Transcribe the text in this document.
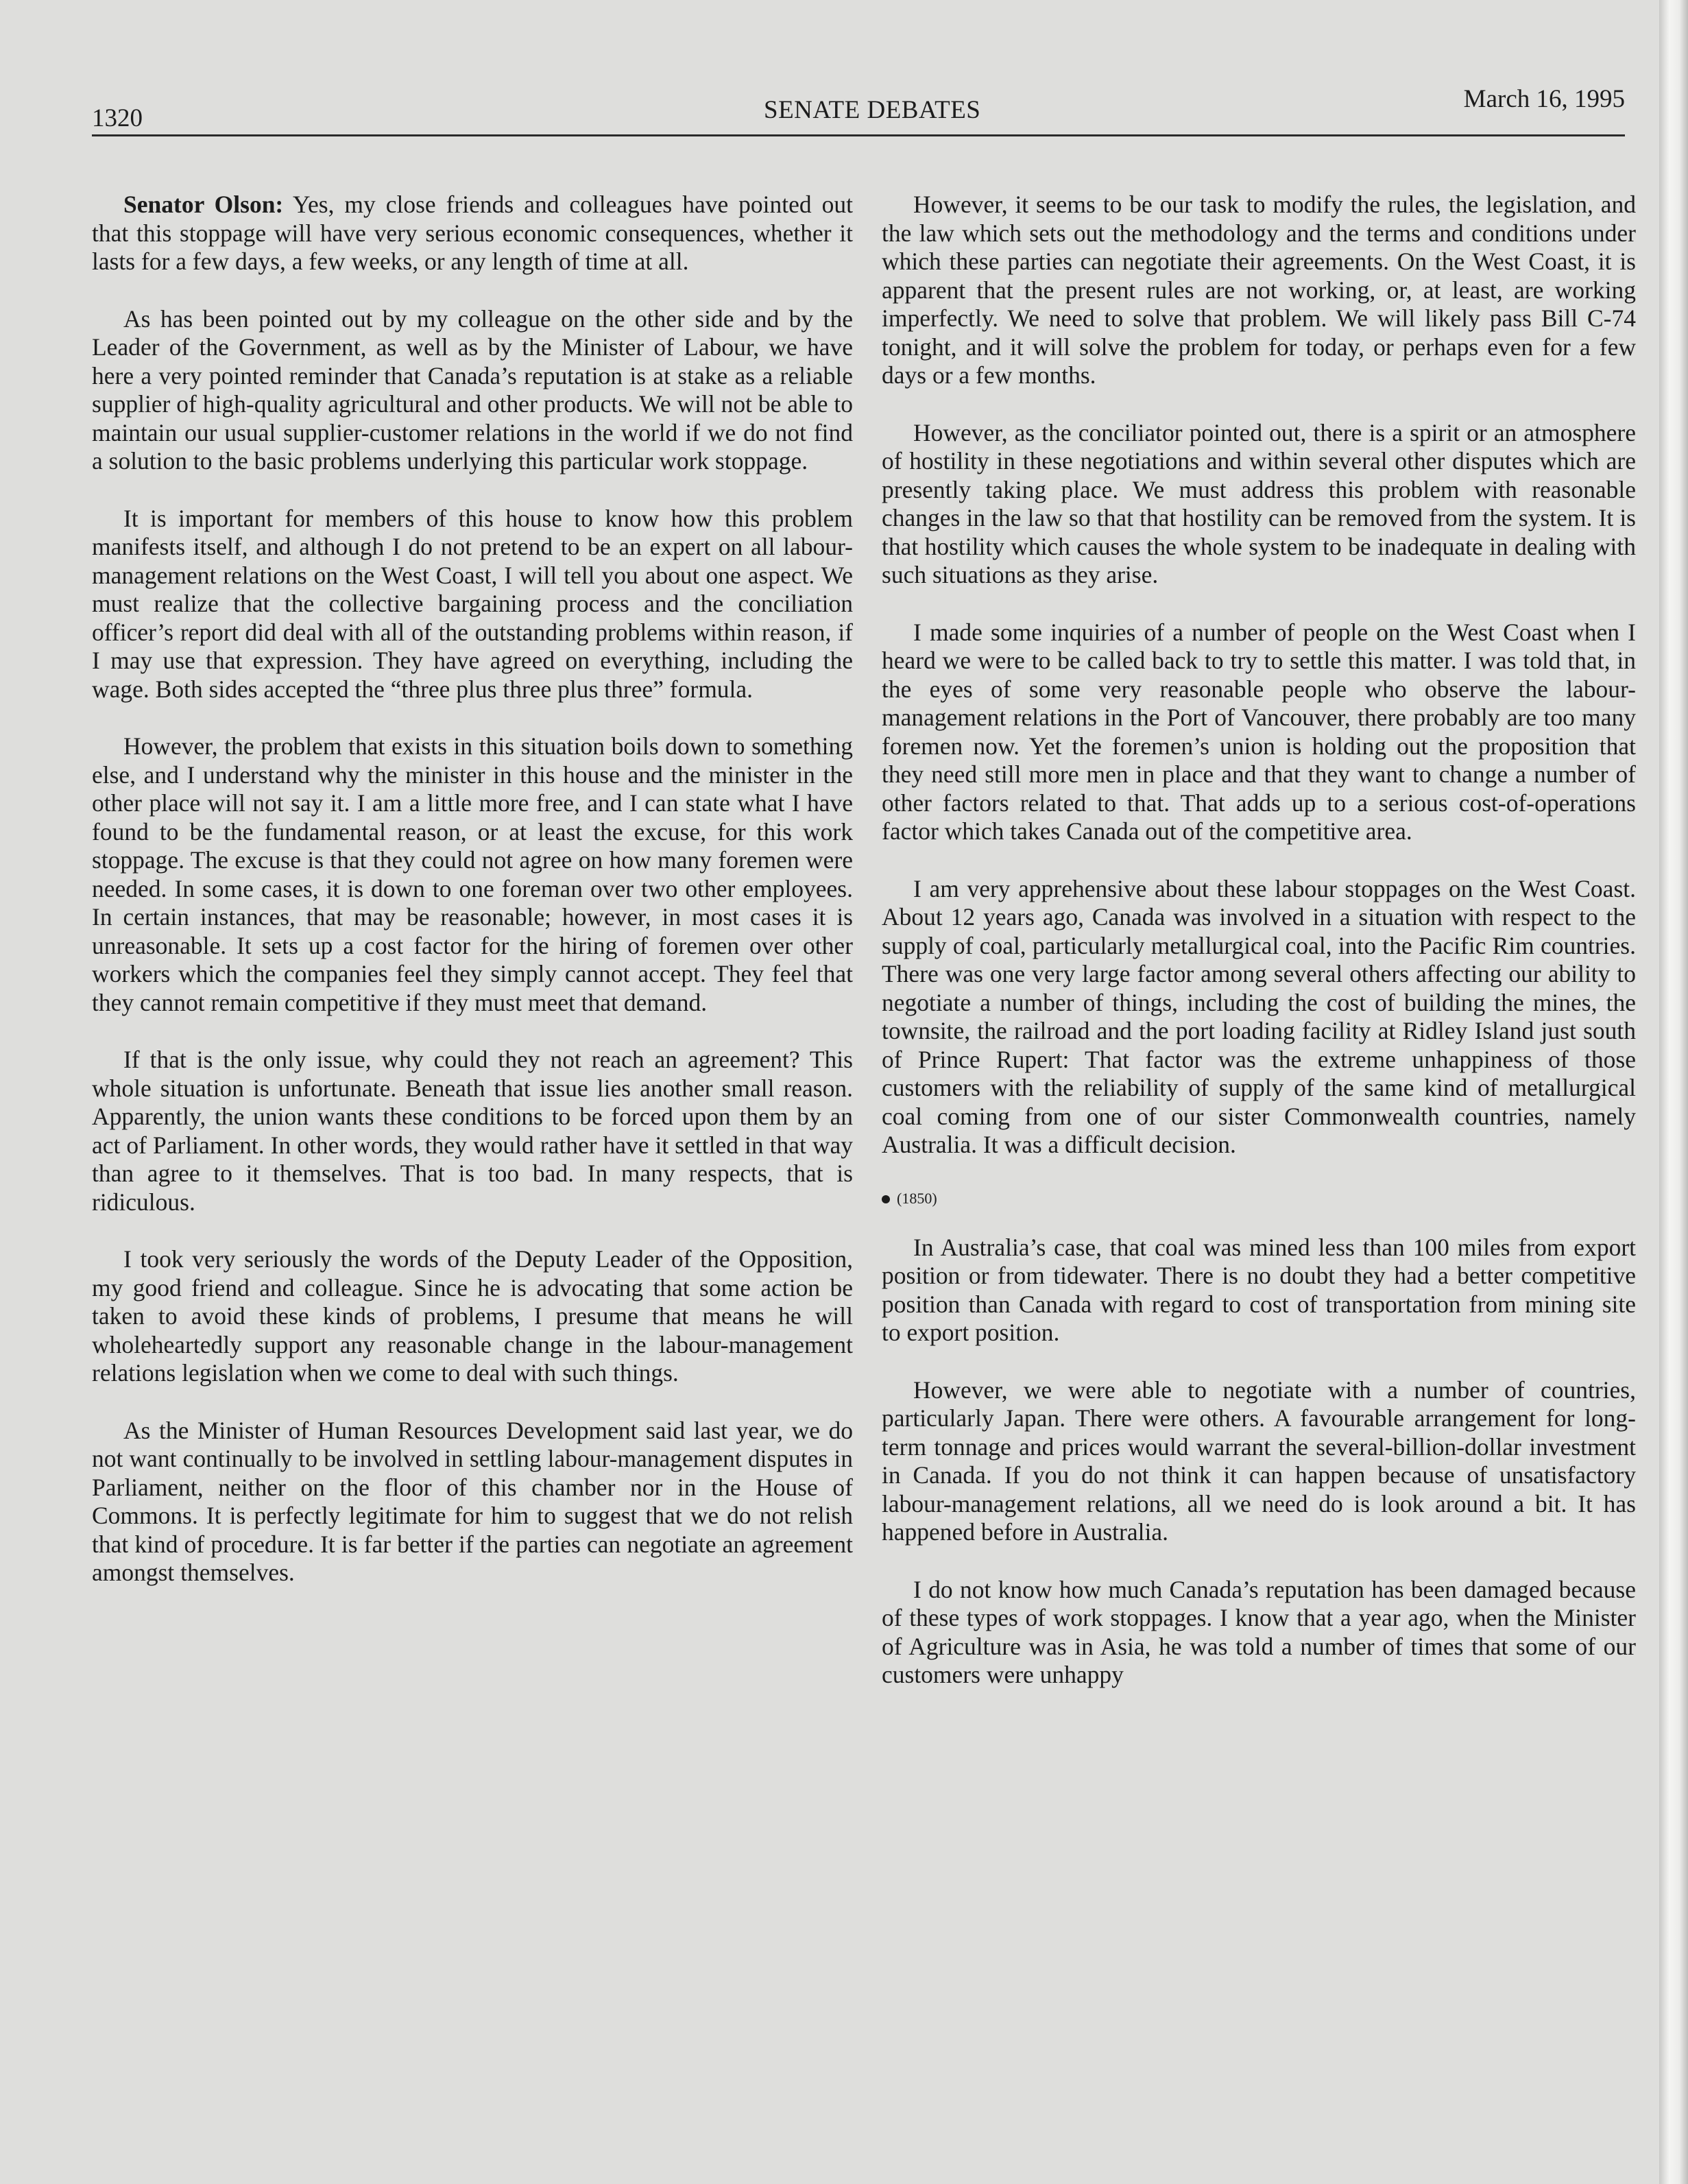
1320	SENATE DEBATES	March 16, 1995

Senator Olson: Yes, my close friends and colleagues have pointed out that this stoppage will have very serious economic consequences, whether it lasts for a few days, a few weeks, or any length of time at all.

As has been pointed out by my colleague on the other side and by the Leader of the Government, as well as by the Minister of Labour, we have here a very pointed reminder that Canada’s reputation is at stake as a reliable supplier of high-quality agricultural and other products. We will not be able to maintain our usual supplier-customer relations in the world if we do not find a solution to the basic problems underlying this particular work stoppage.

It is important for members of this house to know how this problem manifests itself, and although I do not pretend to be an expert on all labour-management relations on the West Coast, I will tell you about one aspect. We must realize that the collective bargaining process and the conciliation officer’s report did deal with all of the outstanding problems within reason, if I may use that expression. They have agreed on everything, including the wage. Both sides accepted the “three plus three plus three” formula.

However, the problem that exists in this situation boils down to something else, and I understand why the minister in this house and the minister in the other place will not say it. I am a little more free, and I can state what I have found to be the fundamental reason, or at least the excuse, for this work stoppage. The excuse is that they could not agree on how many foremen were needed. In some cases, it is down to one foreman over two other employees. In certain instances, that may be reasonable; however, in most cases it is unreasonable. It sets up a cost factor for the hiring of foremen over other workers which the companies feel they simply cannot accept. They feel that they cannot remain competitive if they must meet that demand.

If that is the only issue, why could they not reach an agreement? This whole situation is unfortunate. Beneath that issue lies another small reason. Apparently, the union wants these conditions to be forced upon them by an act of Parliament. In other words, they would rather have it settled in that way than agree to it themselves. That is too bad. In many respects, that is ridiculous.

I took very seriously the words of the Deputy Leader of the Opposition, my good friend and colleague. Since he is advocating that some action be taken to avoid these kinds of problems, I presume that means he will wholeheartedly support any reasonable change in the labour-management relations legislation when we come to deal with such things.

As the Minister of Human Resources Development said last year, we do not want continually to be involved in settling labour-management disputes in Parliament, neither on the floor of this chamber nor in the House of Commons. It is perfectly legitimate for him to suggest that we do not relish that kind of procedure. It is far better if the parties can negotiate an agreement amongst themselves.

However, it seems to be our task to modify the rules, the legislation, and the law which sets out the methodology and the terms and conditions under which these parties can negotiate their agreements. On the West Coast, it is apparent that the present rules are not working, or, at least, are working imperfectly. We need to solve that problem. We will likely pass Bill C-74 tonight, and it will solve the problem for today, or perhaps even for a few days or a few months.

However, as the conciliator pointed out, there is a spirit or an atmosphere of hostility in these negotiations and within several other disputes which are presently taking place. We must address this problem with reasonable changes in the law so that that hostility can be removed from the system. It is that hostility which causes the whole system to be inadequate in dealing with such situations as they arise.

I made some inquiries of a number of people on the West Coast when I heard we were to be called back to try to settle this matter. I was told that, in the eyes of some very reasonable people who observe the labour-management relations in the Port of Vancouver, there probably are too many foremen now. Yet the foremen’s union is holding out the proposition that they need still more men in place and that they want to change a number of other factors related to that. That adds up to a serious cost-of-operations factor which takes Canada out of the competitive area.

I am very apprehensive about these labour stoppages on the West Coast. About 12 years ago, Canada was involved in a situation with respect to the supply of coal, particularly metallurgical coal, into the Pacific Rim countries. There was one very large factor among several others affecting our ability to negotiate a number of things, including the cost of building the mines, the townsite, the railroad and the port loading facility at Ridley Island just south of Prince Rupert: That factor was the extreme unhappiness of those customers with the reliability of supply of the same kind of metallurgical coal coming from one of our sister Commonwealth countries, namely Australia. It was a difficult decision.

(1850)

In Australia’s case, that coal was mined less than 100 miles from export position or from tidewater. There is no doubt they had a better competitive position than Canada with regard to cost of transportation from mining site to export position.

However, we were able to negotiate with a number of countries, particularly Japan. There were others. A favourable arrangement for long-term tonnage and prices would warrant the several-billion-dollar investment in Canada. If you do not think it can happen because of unsatisfactory labour-management relations, all we need do is look around a bit. It has happened before in Australia.

I do not know how much Canada’s reputation has been damaged because of these types of work stoppages. I know that a year ago, when the Minister of Agriculture was in Asia, he was told a number of times that some of our customers were unhappy
